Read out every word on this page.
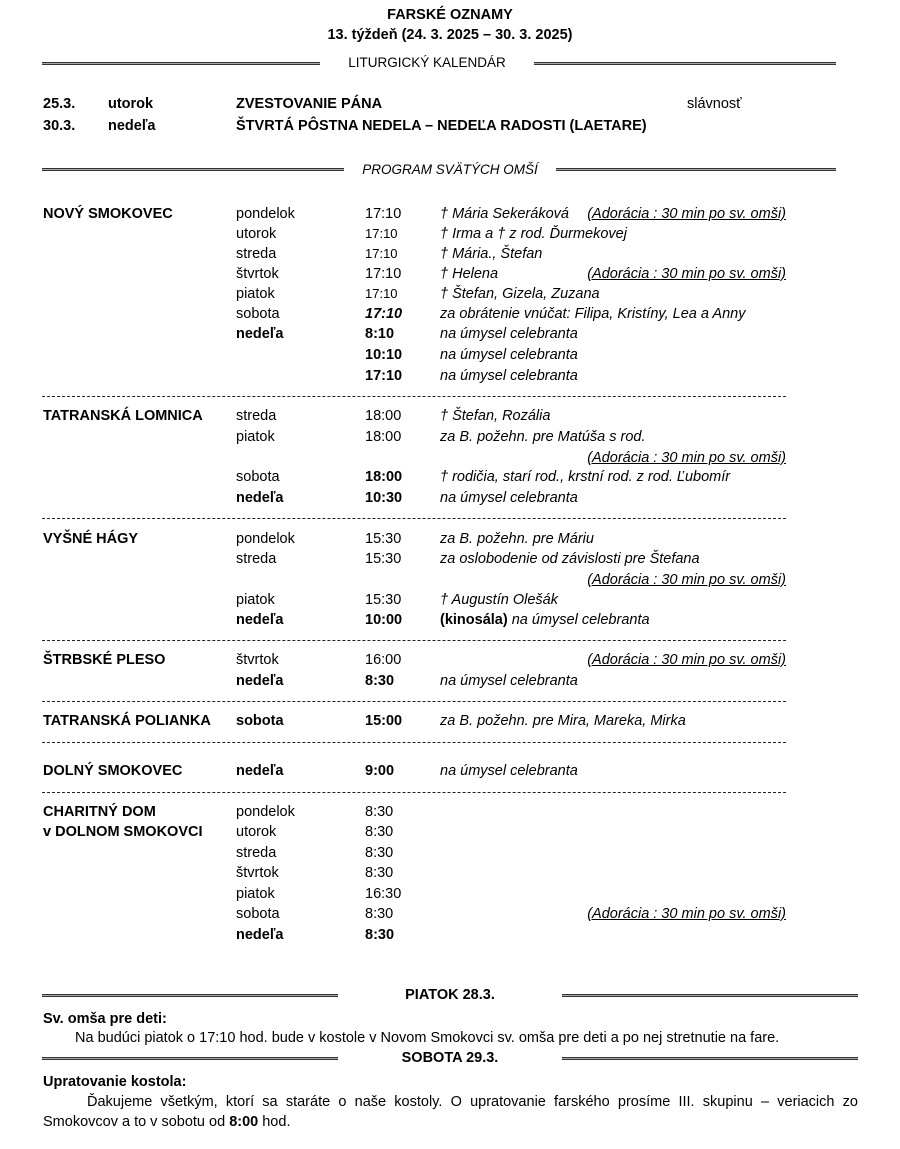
FARSKÉ OZNAMY
13. týždeň (24. 3. 2025 – 30. 3. 2025)
LITURGICKÝ KALENDÁR
25.3. utorok	ZVESTOVANIE PÁNA	slávnosť
30.3. nedeľa	ŠTVRTÁ PÔSTNA NEDELA – NEDEĽA RADOSTI (LAETARE)
PROGRAM SVÄTÝCH OMŠÍ
NOVÝ SMOKOVEC	pondelok	17:10	† Mária Sekeráková (Adorácia : 30 min po sv. omši)
utorok	17:10	† Irma a † z rod. Ďurmekovej
streda	17:10	† Mária., Štefan
štvrtok	17:10	† Helena	(Adorácia : 30 min po sv. omši)
piatok	17:10	† Štefan, Gizela, Zuzana
sobota	17:10	za obrátenie vnúčat: Filipa, Kristíny, Lea a Anny
nedeľa	8:10	na úmysel celebranta
10:10	na úmysel celebranta
17:10	na úmysel celebranta
TATRANSKÁ LOMNICA streda	18:00	† Štefan, Rozália
piatok	18:00	za B. požehn. pre Matúša s rod.
(Adorácia : 30 min po sv. omši)
sobota	18:00	† rodičia, starí rod., krstní rod. z rod. Ľubomír
nedeľa	10:30	na úmysel celebranta
VYŠNÉ HÁGY	pondelok	15:30	za B. požehn. pre Máriu
streda	15:30	za oslobodenie od závislosti pre Štefana
(Adorácia : 30 min po sv. omši)
piatok	15:30	† Augustín Olešák
nedeľa	10:00	(kinosála) na úmysel celebranta
ŠTRBSKÉ PLESO	štvrtok	16:00	(Adorácia : 30 min po sv. omši)
nedeľa	8:30	na úmysel celebranta
TATRANSKÁ POLIANKA sobota	15:00	za B. požehn. pre Mira, Mareka, Mirka
DOLNÝ SMOKOVEC	nedeľa	9:00	na úmysel celebranta
CHARITNÝ DOM	pondelok	8:30
v DOLNOM SMOKOVCI utorok	8:30
streda	8:30
štvrtok	8:30
piatok	16:30
sobota	8:30	(Adorácia : 30 min po sv. omši)
nedeľa	8:30
PIATOK 28.3.
Sv. omša pre deti:
Na budúci piatok o 17:10 hod. bude v kostole v Novom Smokovci sv. omša pre deti a po nej stretnutie na fare.
SOBOTA 29.3.
Upratovanie kostola:
Ďakujeme všetkým, ktorí sa staráte o naše kostoly. O upratovanie farského prosíme III. skupinu – veriacich zo
Smokovcov a to v sobotu od 8:00 hod.
